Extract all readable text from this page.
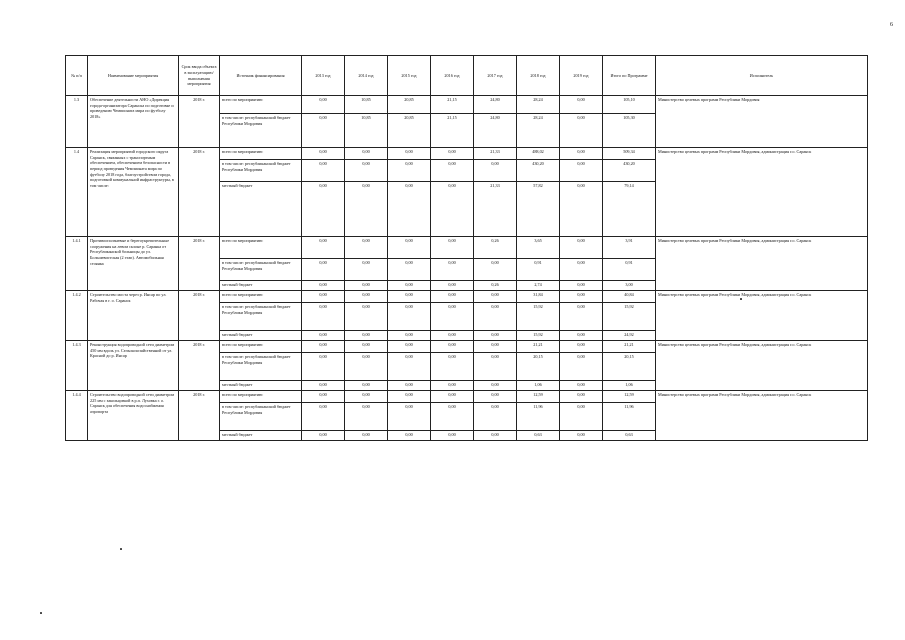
6
№ п/п	Наименование мероприятия	Срок ввода объекта в эксплуатацию/ выполнения мероприятия	Источник финансирования	2013 год	2014 год	2015 год	2016 год	2017 год	2018 год	2019 год	Итого по Программе	Исполнитель
1.3	Обеспечение деятельности АНО «Дирекция города-организатора Саранска по подготовке и проведению Чемпионата мира по футболу 2018»	2018 г.	всего по мероприятию:	0,00	10,85	20,85	21,15	24,80	28,24	0,00	105,10	Министерство целевых программ Республики Мордовия
			в том числе: республиканский бюджет Республики Мордовия	0,00	10,85	20,85	21,15	24,80	28,24	0,00	105,30	
1.4	Реализация мероприятий городского округа Саранск, связанных с транспортным обеспечением, обеспечением безопасности в период проведения Чемпионата мира по футболу 2018 года, благоустройством города, подготовкой коммунальной инфраструктуры, в том числе:	2018 г.	всего по мероприятию:	0,00	0,00	0,00	0,00	21,33	488,02	0,00	509,34	Министерство целевых программ Республики Мордовия, администрация г.о. Саранск
			в том числе: республиканский бюджет Республики Мордовия	0,00	0,00	0,00	0,00	0,00	430,20	0,00	430,20	
			местный бюджет	0,00	0,00	0,00	0,00	21,33	57,82	0,00	79,14	
1.4.1	Противооползневые и берегоукрепительные сооружения на левом склоне р. Саранка от Республиканской больницы до ул. Большевистская (2 этап). Автомобильная стоянка	2018 г.	всего по мероприятию:	0,00	0,00	0,00	0,00	0,26	3,65	0,00	3,91	Министерство целевых программ Республики Мордовия, администрация г.о. Саранск
			в том числе: республиканский бюджет Республики Мордовия	0,00	0,00	0,00	0,00	0,00	0,91	0,00	0,91	
			местный бюджет	0,00	0,00	0,00	0,00	0,26	2,74	0,00	3,00	
1.4.2	Строительство моста через р. Инсар по ул. Рабочая в г. о. Саранск	2018 г.	всего по мероприятию:	0,00	0,00	0,00	0,00	0,00	31,84	0,00	40,84	Министерство целевых программ Республики Мордовия, администрация г.о. Саранск
			в том числе: республиканский бюджет Республики Мордовия	0,00	0,00	0,00	0,00	0,00	15,92	0,00	15,92	
			местный бюджет	0,00	0,00	0,00	0,00	0,00	15,92	0,00	24,92	
1.4.3	Реконструкция водопроводной сети диаметром 450 мм вдоль ул. Сельскохозяйственной от ул. Красной до р. Инсар	2018 г.	всего по мероприятию:	0,00	0,00	0,00	0,00	0,00	21,21	0,00	21,21	Министерство целевых программ Республики Мордовия, администрация г.о. Саранск
			в том числе: республиканский бюджет Республики Мордовия	0,00	0,00	0,00	0,00	0,00	20,15	0,00	20,15	
			местный бюджет	0,00	0,00	0,00	0,00	0,00	1,06	0,00	1,06	
1.4.4	Строительство водопроводной сети диаметром 225 мм с закольцовкой в р.п. Луховка г. о. Саранск для обеспечения водоснабжения аэропорта	2018 г.	всего по мероприятию:	0,00	0,00	0,00	0,00	0,00	12,59	0,00	12,59	Министерство целевых программ Республики Мордовия, администрация г.о. Саранск
			в том числе: республиканский бюджет Республики Мордовия	0,00	0,00	0,00	0,00	0,00	11,96	0,00	11,96	
			местный бюджет	0,00	0,00	0,00	0,00	0,00	0,63	0,00	0,63	
